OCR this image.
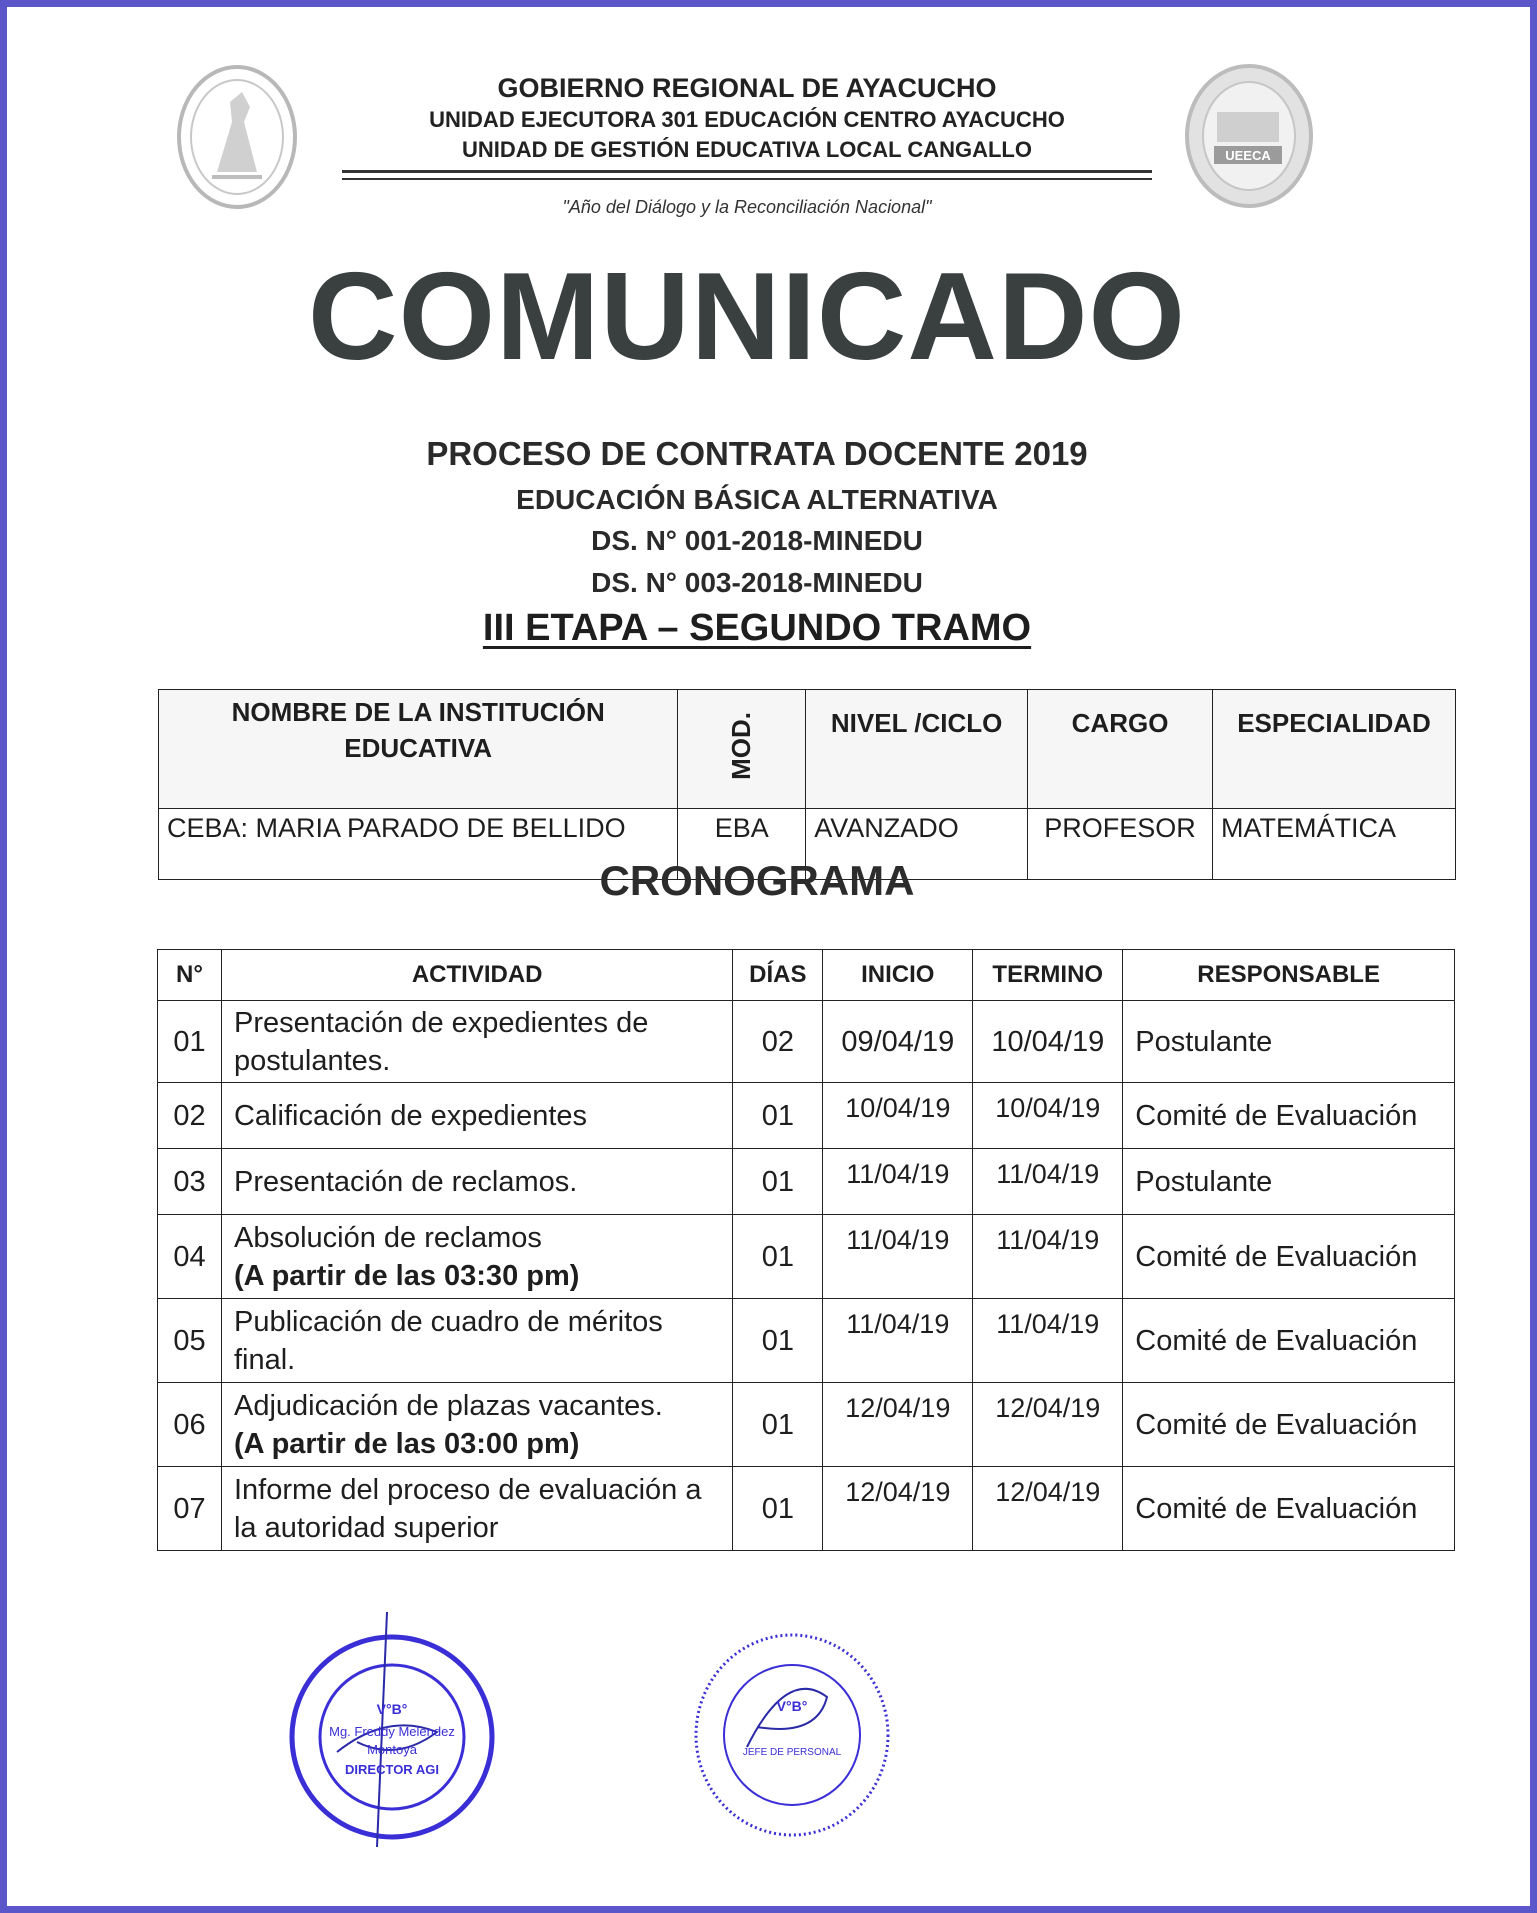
UEECA
GOBIERNO REGIONAL DE AYACUCHO
UNIDAD EJECUTORA 301 EDUCACIÓN CENTRO AYACUCHO
UNIDAD DE GESTIÓN EDUCATIVA LOCAL CANGALLO
"Año del Diálogo y la Reconciliación Nacional"
COMUNICADO
PROCESO DE CONTRATA DOCENTE 2019
EDUCACIÓN BÁSICA ALTERNATIVA
DS. N° 001-2018-MINEDU
DS. N° 003-2018-MINEDU
III ETAPA – SEGUNDO TRAMO
NOMBRE DE LA INSTITUCIÓN EDUCATIVA	MOD.	NIVEL /CICLO	CARGO	ESPECIALIDAD
CEBA: MARIA PARADO DE BELLIDO	EBA	AVANZADO	PROFESOR	MATEMÁTICA
CRONOGRAMA
N°	ACTIVIDAD	DÍAS	INICIO	TERMINO	RESPONSABLE
01	Presentación de expedientes de postulantes.	02	09/04/19	10/04/19	Postulante
02	Calificación de expedientes	01	10/04/19	10/04/19	Comité de Evaluación
03	Presentación de reclamos.	01	11/04/19	11/04/19	Postulante
04	Absolución de reclamos
(A partir de las 03:30 pm)	01	11/04/19	11/04/19	Comité de Evaluación
05	Publicación de cuadro de méritos final.	01	11/04/19	11/04/19	Comité de Evaluación
06	Adjudicación de plazas vacantes.
(A partir de las 03:00 pm)	01	12/04/19	12/04/19	Comité de Evaluación
07	Informe del proceso de evaluación a la autoridad superior	01	12/04/19	12/04/19	Comité de Evaluación
V°B°
Mg. Freddy Melendez
Montoya
DIRECTOR AGI
V°B°
JEFE DE PERSONAL
